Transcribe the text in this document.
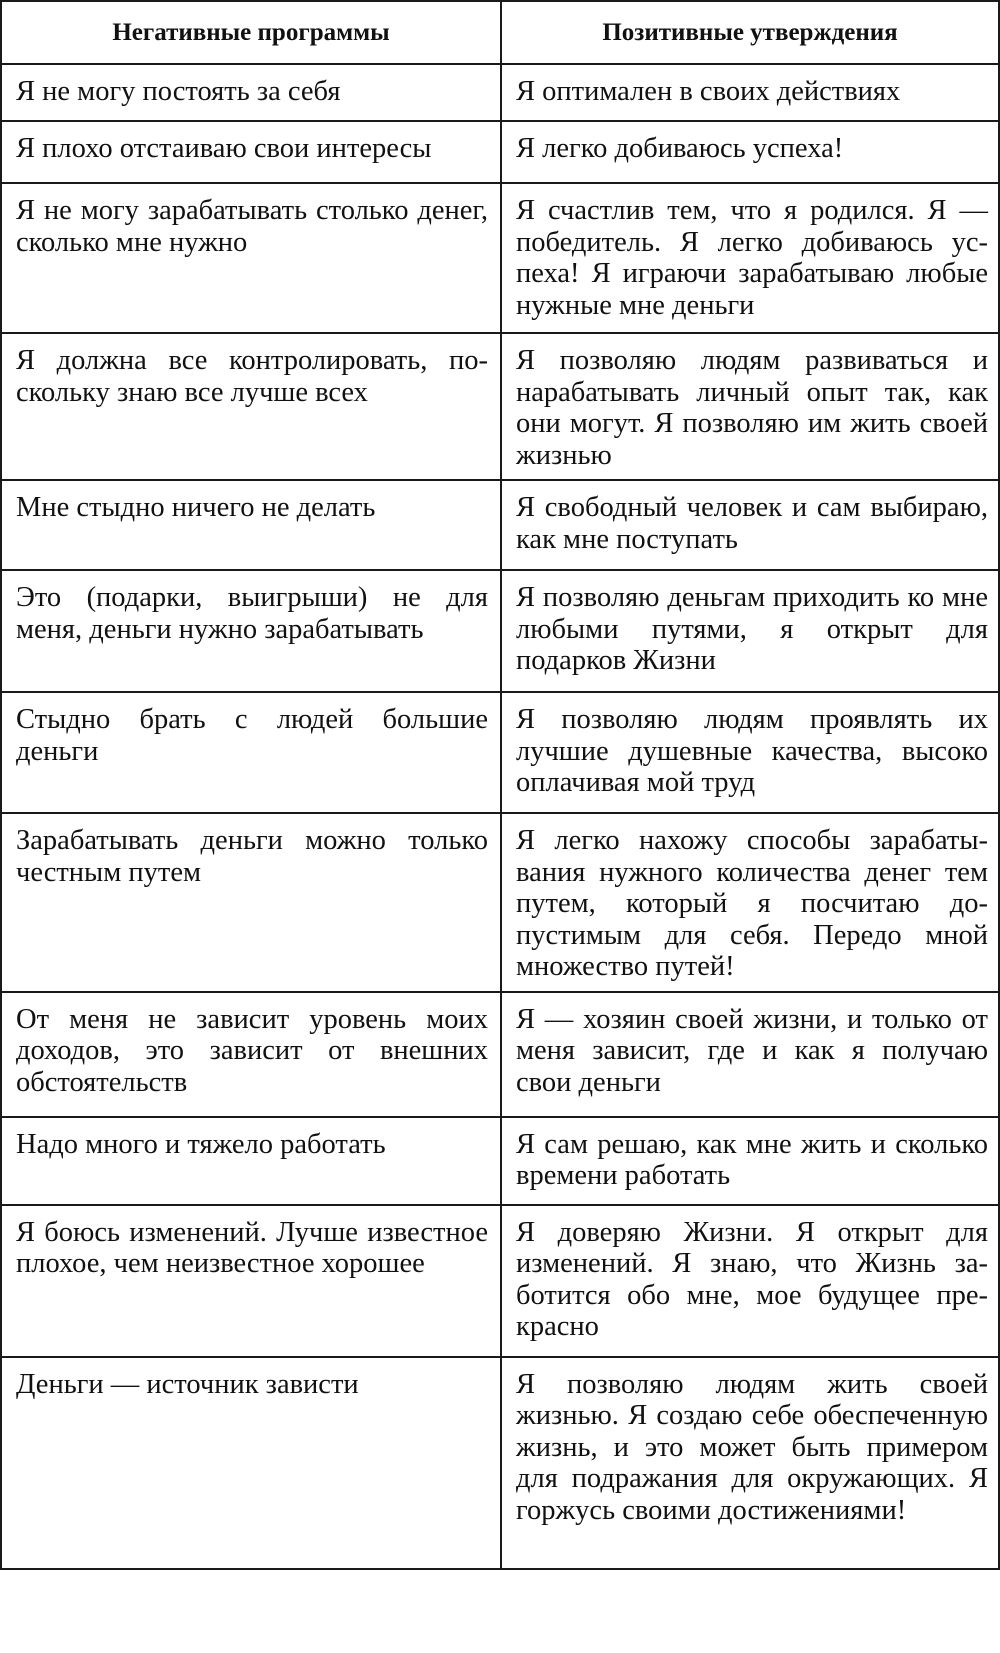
Негативные программы	Позитивные утверждения
Я не могу постоять за себя	Я оптимален в своих действиях
Я плохо отстаиваю свои интересы	Я легко добиваюсь успеха!
Я не могу зарабатывать столько денег, сколько мне нужно	Я счастлив тем, что я родился. Я — победитель. Я легко добиваюсь успеха! Я играючи зарабатываю любые нужные мне деньги
Я должна все контролировать, поскольку знаю все лучше всех	Я позволяю людям развиваться и нарабатывать личный опыт так, как они могут. Я позволяю им жить своей жизнью
Мне стыдно ничего не делать	Я свободный человек и сам выбираю, как мне поступать
Это (подарки, выигрыши) не для меня, деньги нужно зарабатывать	Я позволяю деньгам приходить ко мне любыми путями, я открыт для подарков Жизни
Стыдно брать с людей большие деньги	Я позволяю людям проявлять их лучшие душевные качества, высоко оплачивая мой труд
Зарабатывать деньги можно только честным путем	Я легко нахожу способы зарабатывания нужного количества денег тем путем, который я посчитаю допустимым для себя. Передо мной множество путей!
От меня не зависит уровень моих доходов, это зависит от внешних обстоятельств	Я — хозяин своей жизни, и только от меня зависит, где и как я получаю свои деньги
Надо много и тяжело работать	Я сам решаю, как мне жить и сколько времени работать
Я боюсь изменений. Лучше известное плохое, чем неизвестное хорошее	Я доверяю Жизни. Я открыт для изменений. Я знаю, что Жизнь заботится обо мне, мое будущее прекрасно
Деньги — источник зависти	Я позволяю людям жить своей жизнью. Я создаю себе обеспеченную жизнь, и это может быть примером для подражания для окружающих. Я горжусь своими достижениями!
